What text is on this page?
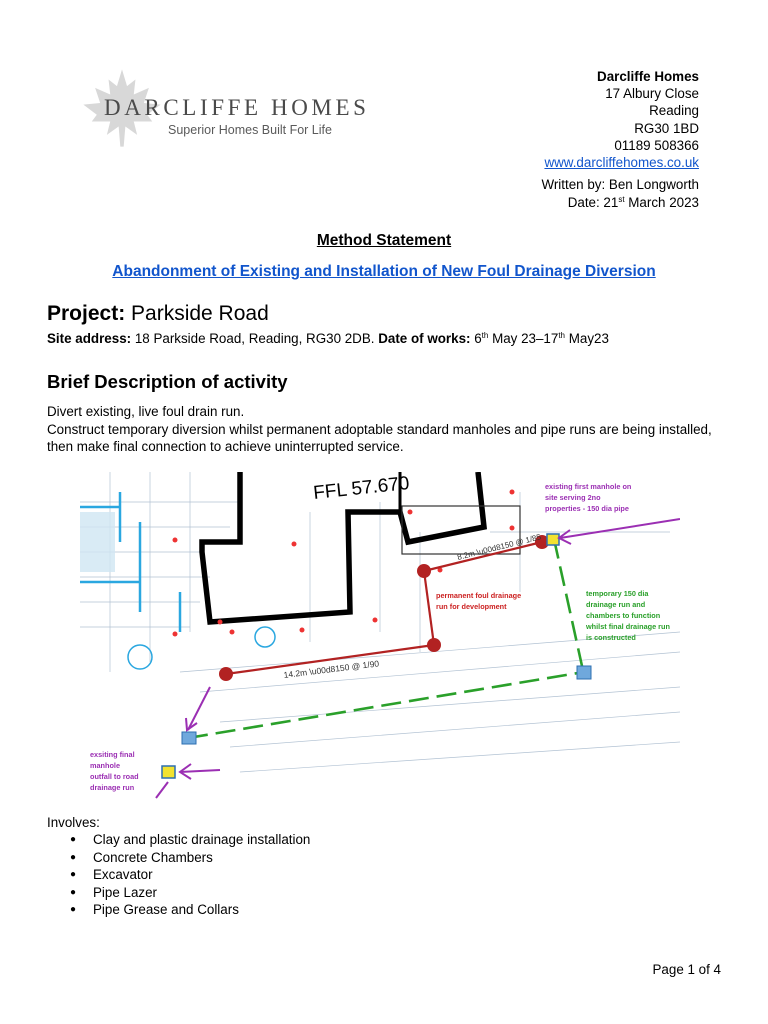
DARCLIFFE HOMES
Superior Homes Built For Life
Darcliffe Homes
17 Albury Close
Reading
RG30 1BD
01189 508366
www.darcliffehomes.co.uk
Written by: Ben Longworth
Date: 21st March 2023
Method Statement
Abandonment of Existing and Installation of New Foul Drainage Diversion
Project: Parkside Road
Site address: 18 Parkside Road, Reading, RG30 2DB. Date of works: 6th May 23–17th May23
Brief Description of activity
Divert existing, live foul drain run.
Construct temporary diversion whilst permanent adoptable standard manholes and pipe runs are being installed, then make final connection to achieve uninterrupted service.
FFL 57.670
14.2m \u00d8150 @ 1/90
8.2m \u00d8150 @ 1/85
existing first manhole on site serving 2no properties - 150 dia pipe
permanent foul drainage run for development
temporary 150 dia drainage run and chambers to function whilst final drainage run is constructed
exsiting final manhole outfall to road drainage run
Involves:
● Clay and plastic drainage installation
● Concrete Chambers
● Excavator
● Pipe Lazer
● Pipe Grease and Collars
Page 1 of 4
